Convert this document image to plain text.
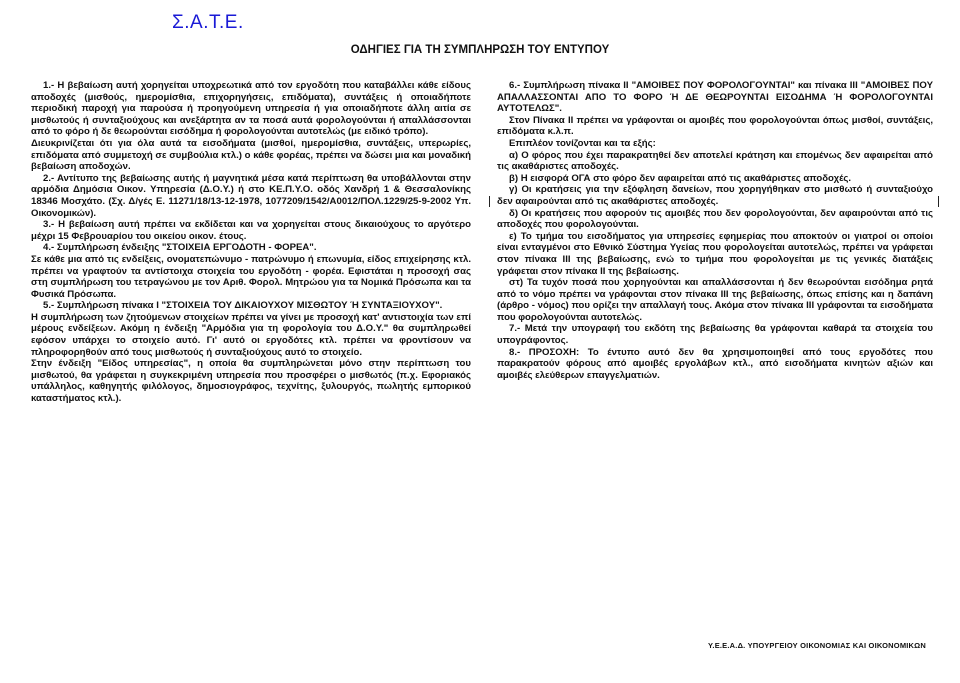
Σ.Α.Τ.Ε.
ΟΔΗΓΙΕΣ ΓΙΑ ΤΗ ΣΥΜΠΛΗΡΩΣΗ ΤΟΥ ΕΝΤΥΠΟΥ

1.- Η βεβαίωση αυτή χορηγείται υποχρεωτικά από τον εργοδότη που καταβάλλει κάθε είδους αποδοχές (μισθούς, ημερομίσθια, επιχορηγήσεις, επιδόματα), συντάξεις ή οποιαδήποτε περιοδική παροχή για παρούσα ή προηγούμενη υπηρεσία ή για οποιαδήποτε άλλη αιτία σε μισθωτούς ή συνταξιούχους και ανεξάρτητα αν τα ποσά αυτά φορολογούνται ή απαλλάσσονται από το φόρο ή δε θεωρούνται εισόδημα ή φορολογούνται αυτοτελώς (με ειδικό τρόπο).

Διευκρινίζεται ότι για όλα αυτά τα εισοδήματα (μισθοί, ημερομίσθια, συντάξεις, υπερωρίες, επιδόματα από συμμετοχή σε συμβούλια κτλ.) ο κάθε φορέας, πρέπει να δώσει μια και μοναδική βεβαίωση αποδοχών.

2.- Αντίτυπο της βεβαίωσης αυτής ή μαγνητικά μέσα κατά περίπτωση θα υποβάλλονται στην αρμόδια Δημόσια Οικον. Υπηρεσία (Δ.Ο.Υ.) ή στο ΚΕ.Π.Υ.Ο. οδός Χανδρή 1 & Θεσσαλονίκης 18346 Μοσχάτο. (Σχ. Δ/γές Ε. 11271/18/13-12-1978, 1077209/1542/Α0012/ΠΟΛ.1229/25-9-2002 Υπ. Οικονομικών).

3.- Η βεβαίωση αυτή πρέπει να εκδίδεται και να χορηγείται στους δικαιούχους το αργότερο μέχρι 15 Φεβρουαρίου του οικείου οικον. έτους.

4.- Συμπλήρωση ένδειξης "ΣΤΟΙΧΕΙΑ ΕΡΓΟΔΟΤΗ - ΦΟΡΕΑ".

Σε κάθε μια από τις ενδείξεις, ονοματεπώνυμο - πατρώνυμο ή επωνυμία, είδος επιχείρησης κτλ. πρέπει να γραφτούν τα αντίστοιχα στοιχεία του εργοδότη - φορέα. Εφιστάται η προσοχή σας στη συμπλήρωση του τετραγώνου με τον Αριθ. Φορολ. Μητρώου για τα Νομικά Πρόσωπα και τα Φυσικά Πρόσωπα.

5.- Συμπλήρωση πίνακα Ι "ΣΤΟΙΧΕΙΑ ΤΟΥ ΔΙΚΑΙΟΥΧΟΥ ΜΙΣΘΩΤΟΥ Ή ΣΥΝΤΑΞΙΟΥΧΟΥ".

Η συμπλήρωση των ζητούμενων στοιχείων πρέπει να γίνει με προσοχή κατ' αντιστοιχία των επί μέρους ενδείξεων. Ακόμη η ένδειξη "Αρμόδια για τη φορολογία του Δ.Ο.Υ." θα συμπληρωθεί εφόσον υπάρχει το στοιχείο αυτό. Γι' αυτό οι εργοδότες κτλ. πρέπει να φροντίσουν να πληροφορηθούν από τους μισθωτούς ή συνταξιούχους αυτό το στοιχείο.

Στην ένδειξη "Είδος υπηρεσίας", η οποία θα συμπληρώνεται μόνο στην περίπτωση του μισθωτού, θα γράφεται η συγκεκριμένη υπηρεσία που προσφέρει ο μισθωτός (π.χ. Εφοριακός υπάλληλος, καθηγητής φιλόλογος, δημοσιογράφος, τεχνίτης, ξυλουργός, πωλητής εμπορικού καταστήματος κτλ.).

6.- Συμπλήρωση πίνακα ΙΙ "ΑΜΟΙΒΕΣ ΠΟΥ ΦΟΡΟΛΟΓΟΥΝΤΑΙ" και πίνακα ΙΙΙ "ΑΜΟΙΒΕΣ ΠΟΥ ΑΠΑΛΛΑΣΣΟΝΤΑΙ ΑΠΟ ΤΟ ΦΟΡΟ Ή ΔΕ ΘΕΩΡΟΥΝΤΑΙ ΕΙΣΟΔΗΜΑ Ή ΦΟΡΟΛΟΓΟΥΝΤΑΙ ΑΥΤΟΤΕΛΩΣ".

Στον Πίνακα ΙΙ πρέπει να γράφονται οι αμοιβές που φορολογούνται όπως μισθοί, συντάξεις, επιδόματα κ.λ.π.

Επιπλέον τονίζονται και τα εξής:

α) Ο φόρος που έχει παρακρατηθεί δεν αποτελεί κράτηση και επομένως δεν αφαιρείται από τις ακαθάριστες αποδοχές.

β) Η εισφορά ΟΓΑ στο φόρο δεν αφαιρείται από τις ακαθάριστες αποδοχές.

γ) Οι κρατήσεις για την εξόφληση δανείων, που χορηγήθηκαν στο μισθωτό ή συνταξιούχο δεν αφαιρούνται από τις ακαθάριστες αποδοχές.

δ) Οι κρατήσεις που αφορούν τις αμοιβές που δεν φορολογούνται, δεν αφαιρούνται από τις αποδοχές που φορολογούνται.

ε) Το τμήμα του εισοδήματος για υπηρεσίες εφημερίας που αποκτούν οι γιατροί οι οποίοι είναι ενταγμένοι στο Εθνικό Σύστημα Υγείας που φορολογείται αυτοτελώς, πρέπει να γράφεται στον πίνακα ΙΙΙ της βεβαίωσης, ενώ το τμήμα που φορολογείται με τις γενικές διατάξεις γράφεται στον πίνακα ΙΙ της βεβαίωσης.

στ) Τα τυχόν ποσά που χορηγούνται και απαλλάσσονται ή δεν θεωρούνται εισόδημα ρητά από το νόμο πρέπει να γράφονται στον πίνακα ΙΙΙ της βεβαίωσης, όπως επίσης και η δαπάνη (άρθρο - νόμος) που ορίζει την απαλλαγή τους. Ακόμα στον πίνακα ΙΙΙ γράφονται τα εισοδήματα που φορολογούνται αυτοτελώς.

7.- Μετά την υπογραφή του εκδότη της βεβαίωσης θα γράφονται καθαρά τα στοιχεία του υπογράφοντος.

8.- ΠΡΟΣΟΧΗ: Το έντυπο αυτό δεν θα χρησιμοποιηθεί από τους εργοδότες που παρακρατούν φόρους από αμοιβές εργολάβων κτλ., από εισοδήματα κινητών αξιών και αμοιβές ελεύθερων επαγγελματιών.

Υ.Ε.Ε.Α.Δ. ΥΠΟΥΡΓΕΙΟΥ ΟΙΚΟΝΟΜΙΑΣ ΚΑΙ ΟΙΚΟΝΟΜΙΚΩΝ
